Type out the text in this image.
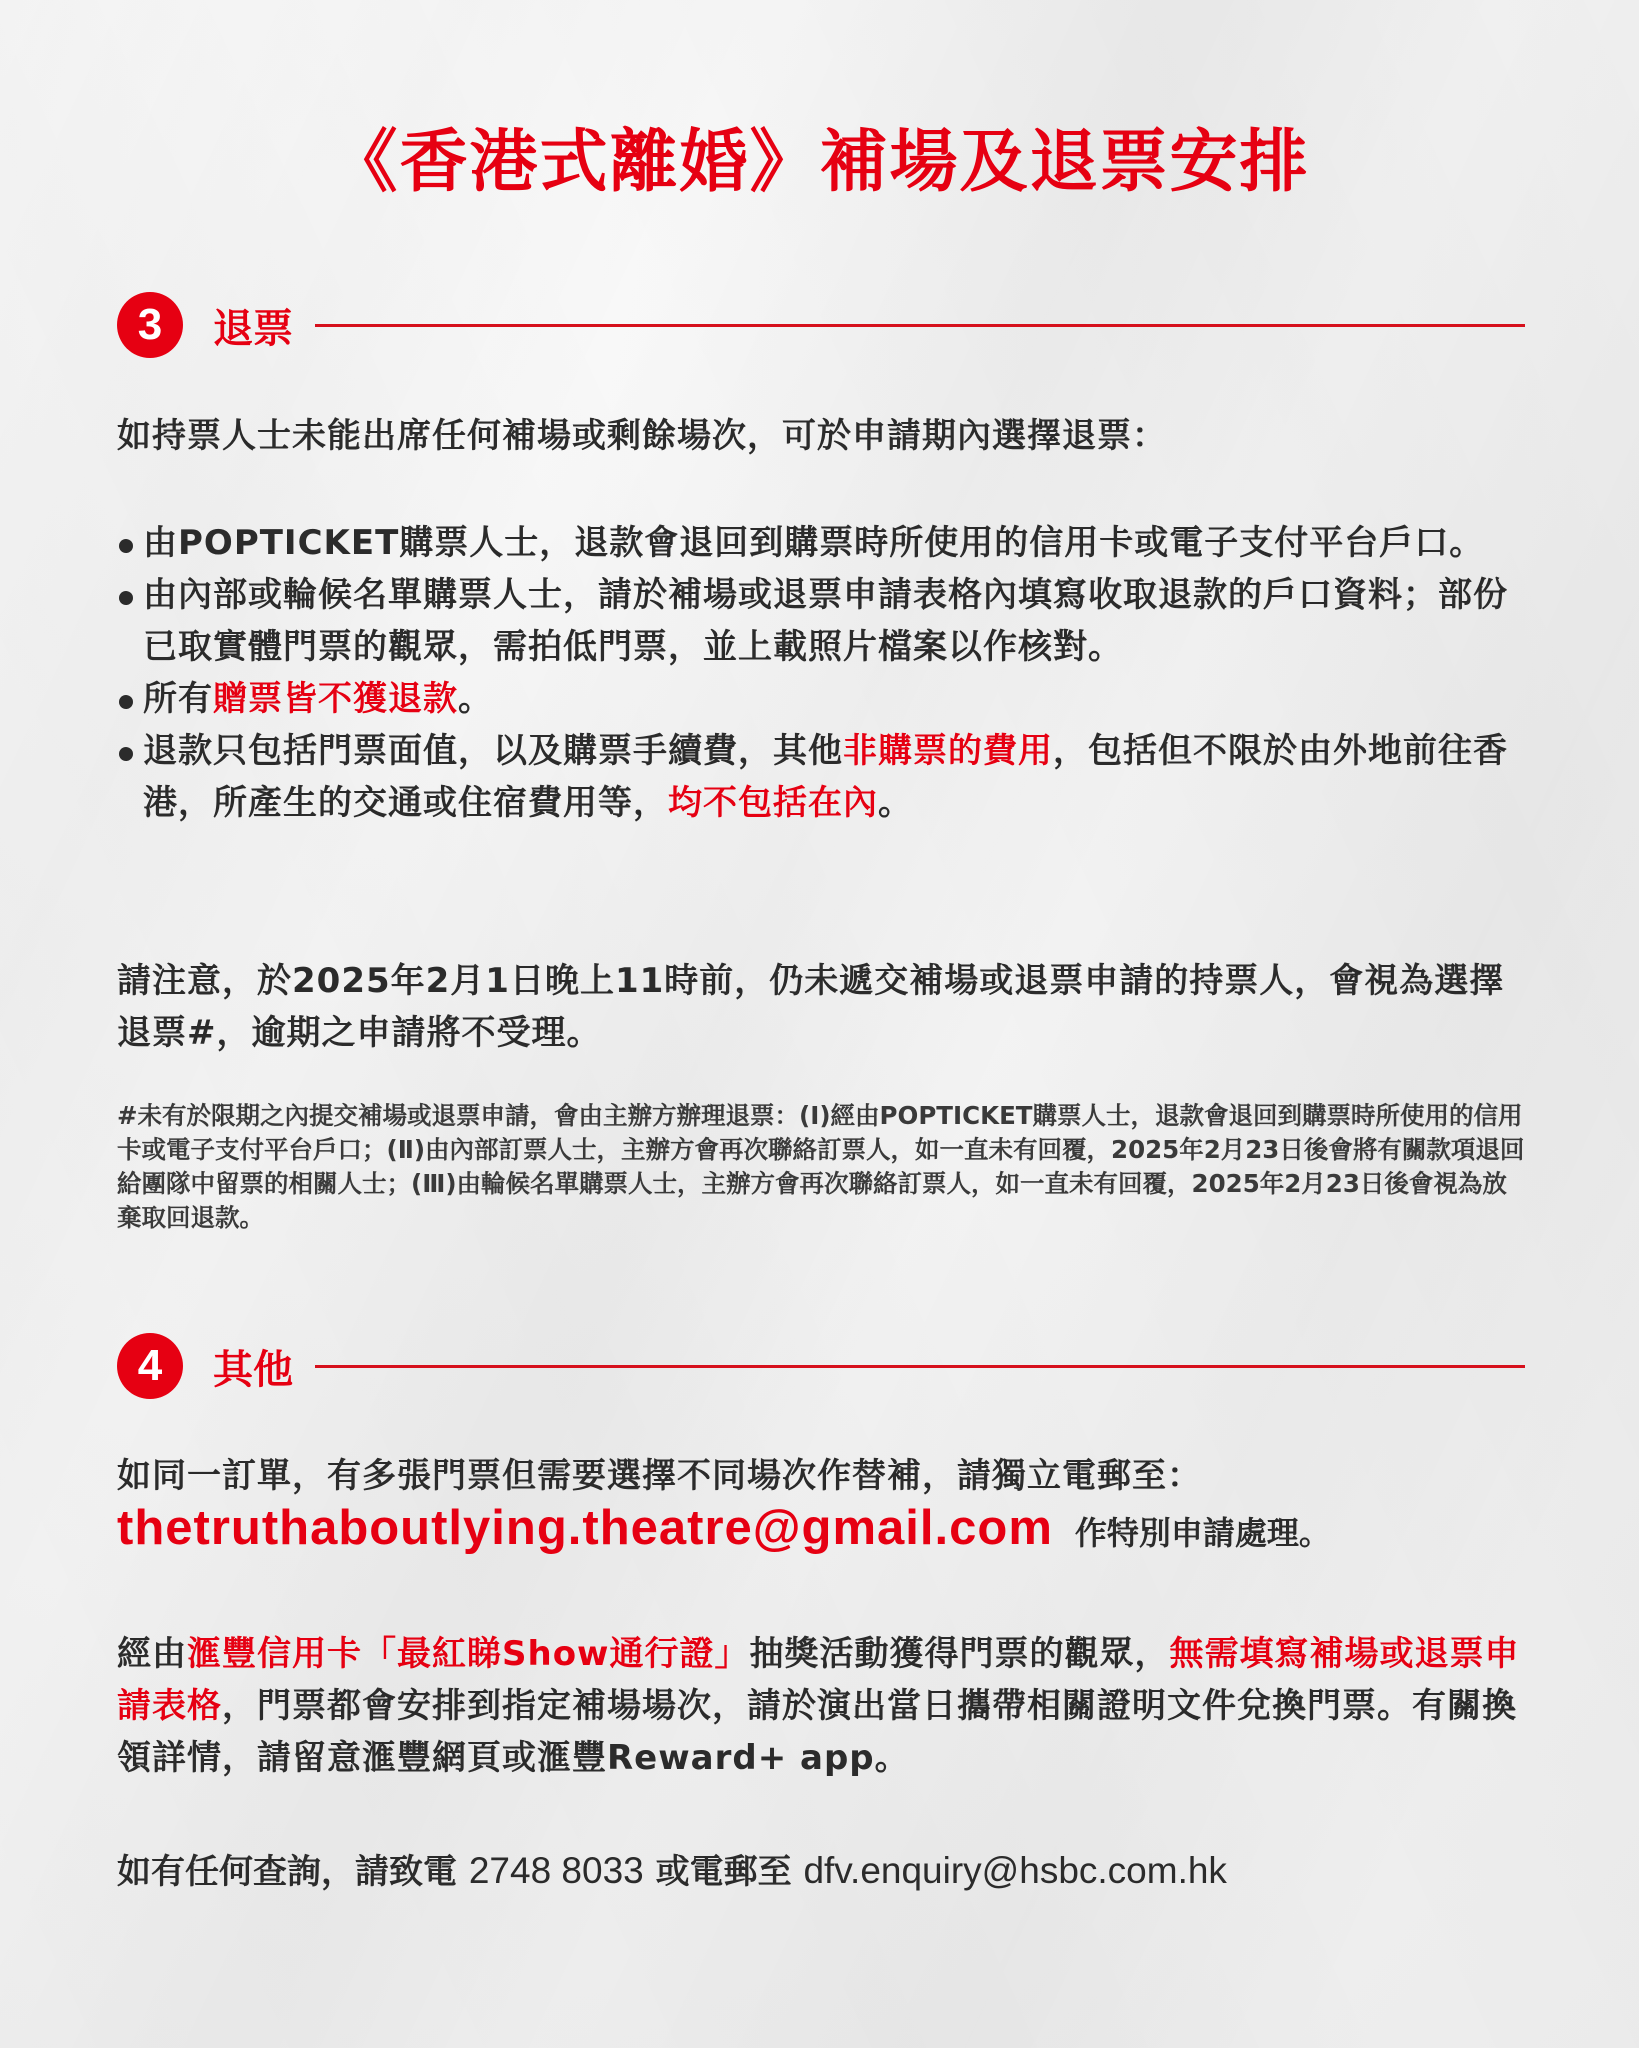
《香港式離婚》補場及退票安排
3	退票
如持票人士未能出席任何補場或剩餘場次，可於申請期內選擇退票：
由POPTICKET購票人士，退款會退回到購票時所使用的信用卡或電子支付平台戶口。
由內部或輪候名單購票人士，請於補場或退票申請表格內填寫收取退款的戶口資料；部份已取實體門票的觀眾，需拍低門票，並上載照片檔案以作核對。
所有贈票皆不獲退款。
退款只包括門票面值，以及購票手續費，其他非購票的費用，包括但不限於由外地前往香港，所產生的交通或住宿費用等，均不包括在內。
請注意，於2025年2月1日晚上11時前，仍未遞交補場或退票申請的持票人，會視為選擇退票#，逾期之申請將不受理。
#未有於限期之內提交補場或退票申請，會由主辦方辦理退票：(Ⅰ)經由POPTICKET購票人士，退款會退回到購票時所使用的信用卡或電子支付平台戶口；(Ⅱ)由內部訂票人士，主辦方會再次聯絡訂票人，如一直未有回覆，2025年2月23日後會將有關款項退回給團隊中留票的相關人士；(Ⅲ)由輪候名單購票人士，主辦方會再次聯絡訂票人，如一直未有回覆，2025年2月23日後會視為放棄取回退款。
4	其他
如同一訂單，有多張門票但需要選擇不同場次作替補，請獨立電郵至：
thetruthaboutlying.theatre@gmail.com 作特別申請處理。
經由滙豐信用卡「最紅睇Show通行證」抽獎活動獲得門票的觀眾，無需填寫補場或退票申請表格，門票都會安排到指定補場場次，請於演出當日攜帶相關證明文件兌換門票。有關換領詳情，請留意滙豐網頁或滙豐Reward+ app。
如有任何查詢，請致電 2748 8033 或電郵至 dfv.enquiry@hsbc.com.hk
